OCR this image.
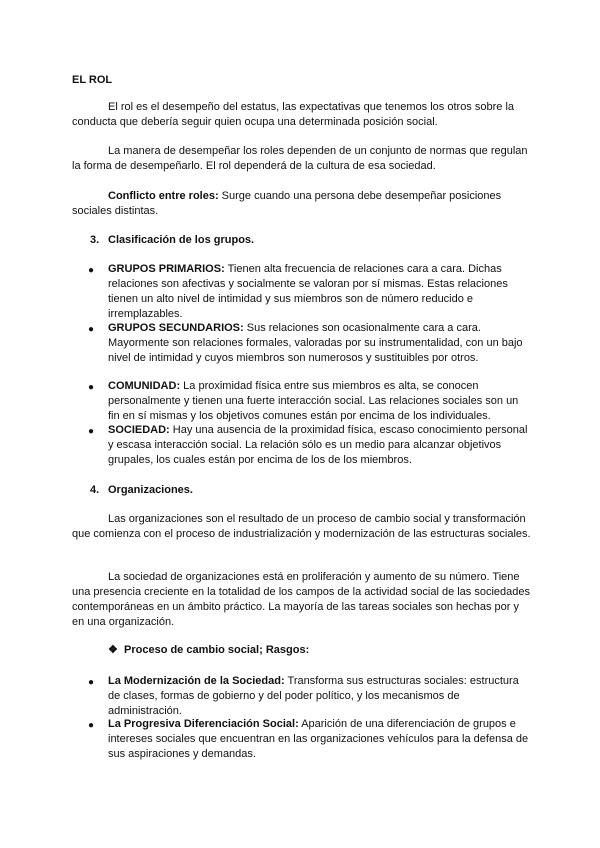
EL ROL

El rol es el desempeño del estatus, las expectativas que tenemos los otros sobre la conducta que debería seguir quien ocupa una determinada posición social.

La manera de desempeñar los roles dependen de un conjunto de normas que regulan la forma de desempeñarlo. El rol dependerá de la cultura de esa sociedad.

Conflicto entre roles: Surge cuando una persona debe desempeñar posiciones sociales distintas.

3. Clasificación de los grupos.
● GRUPOS PRIMARIOS: Tienen alta frecuencia de relaciones cara a cara. Dichas relaciones son afectivas y socialmente se valoran por sí mismas. Estas relaciones tienen un alto nivel de intimidad y sus miembros son de número reducido e irremplazables.

● GRUPOS SECUNDARIOS: Sus relaciones son ocasionalmente cara a cara. Mayormente son relaciones formales, valoradas por su instrumentalidad, con un bajo nivel de intimidad y cuyos miembros son numerosos y sustituibles por otros.

● COMUNIDAD: La proximidad física entre sus miembros es alta, se conocen personalmente y tienen una fuerte interacción social. Las relaciones sociales son un fin en sí mismas y los objetivos comunes están por encima de los individuales.

● SOCIEDAD: Hay una ausencia de la proximidad física, escaso conocimiento personal y escasa interacción social. La relación sólo es un medio para alcanzar objetivos grupales, los cuales están por encima de los de los miembros.

4. Organizaciones.

Las organizaciones son el resultado de un proceso de cambio social y transformación que comienza con el proceso de industrialización y modernización de las estructuras sociales.

La sociedad de organizaciones está en proliferación y aumento de su número. Tiene una presencia creciente en la totalidad de los campos de la actividad social de las sociedades contemporáneas en un ámbito práctico. La mayoría de las tareas sociales son hechas por y en una organización.

❖ Proceso de cambio social; Rasgos:
● La Modernización de la Sociedad: Transforma sus estructuras sociales: estructura de clases, formas de gobierno y del poder político, y los mecanismos de administración.

● La Progresiva Diferenciación Social: Aparición de una diferenciación de grupos e intereses sociales que encuentran en las organizaciones vehículos para la defensa de sus aspiraciones y demandas.
